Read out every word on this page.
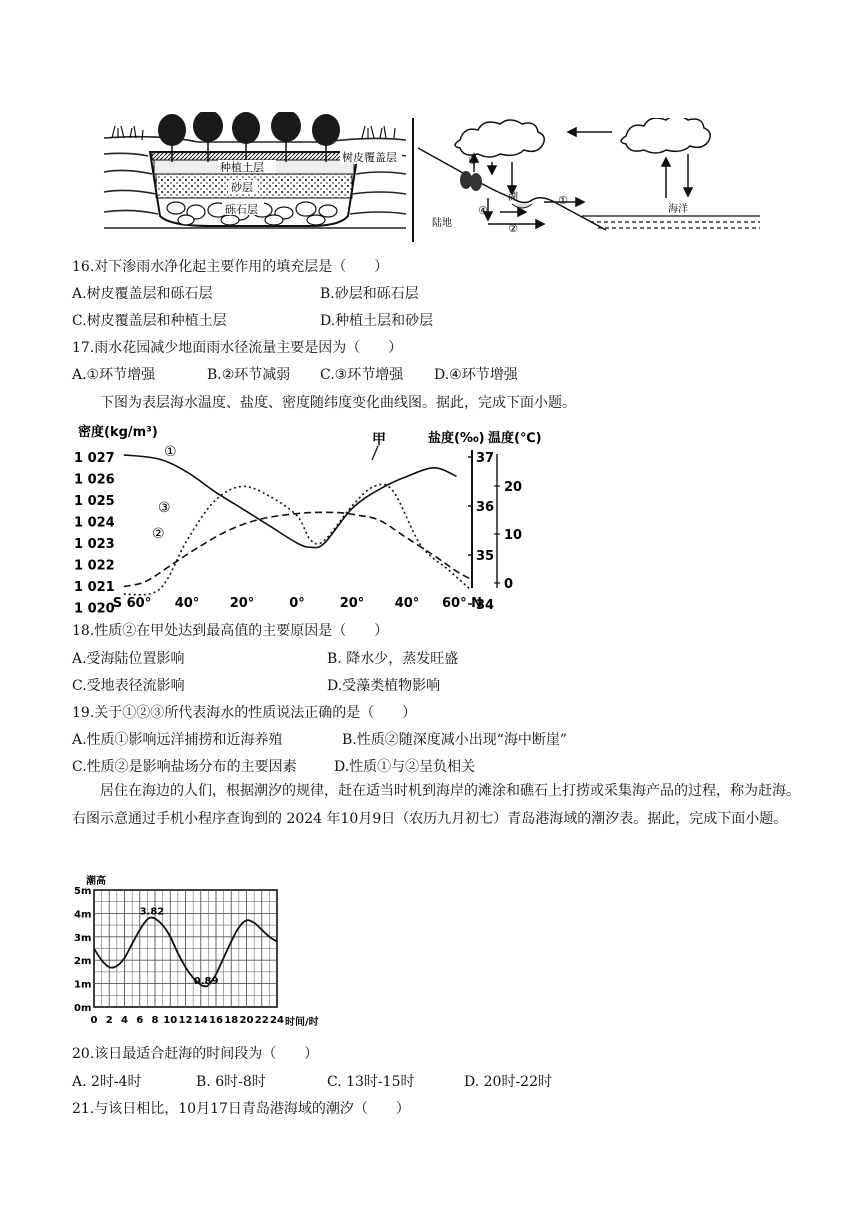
树皮覆盖层
种植土层
砂层
砾石层
③
湖
陆地
④
②
①
海洋
16.对下渗雨水净化起主要作用的填充层是（　　）
A.树皮覆盖层和砾石层	B.砂层和砾石层
C.树皮覆盖层和种植土层	D.种植土层和砂层
17.雨水花园减少地面雨水径流量主要是因为（　　）
A.①环节增强	B.②环节减弱 C.③环节增强 D.④环节增强
下图为表层海水温度、盐度、密度随纬度变化曲线图。据此，完成下面小题。
密度(kg/m³)	盐度(‰) 温度(℃)
甲
1 027
1 026
1 025
1 024
1 023
1 022
1 021
1 020
37
36
35
34
20
10
0
S 60° 40° 20°	0°	20° 40° 60° N
①
②
③
18.性质②在甲处达到最高值的主要原因是（　　）
A.受海陆位置影响	B. 降水少，蒸发旺盛
C.受地表径流影响	D.受藻类植物影响
19.关于①②③所代表海水的性质说法正确的是（　　）
A.性质①影响远洋捕捞和近海养殖	B.性质②随深度减小出现“海中断崖”
C.性质②是影响盐场分布的主要因素	D.性质①与②呈负相关
居住在海边的人们，根据潮汐的规律，赶在适当时机到海岸的滩涂和礁石上打捞或采集海产品的过程，称为赶海。右图示意通过手机小程序查询到的 2024 年10月9日（农历九月初七）青岛港海域的潮汐表。据此，完成下面小题。
潮高
时间/时
0m
1m
2m
3m
4m
5m
0 2 4 6 8 10 12 14 16 18 20 22 24
3.82
0.89
20.该日最适合赶海的时间段为（　　）
A. 2时-4时	B. 6时-8时	C. 13时-15时	D. 20时-22时
21.与该日相比，10月17日青岛港海域的潮汐（　　）
